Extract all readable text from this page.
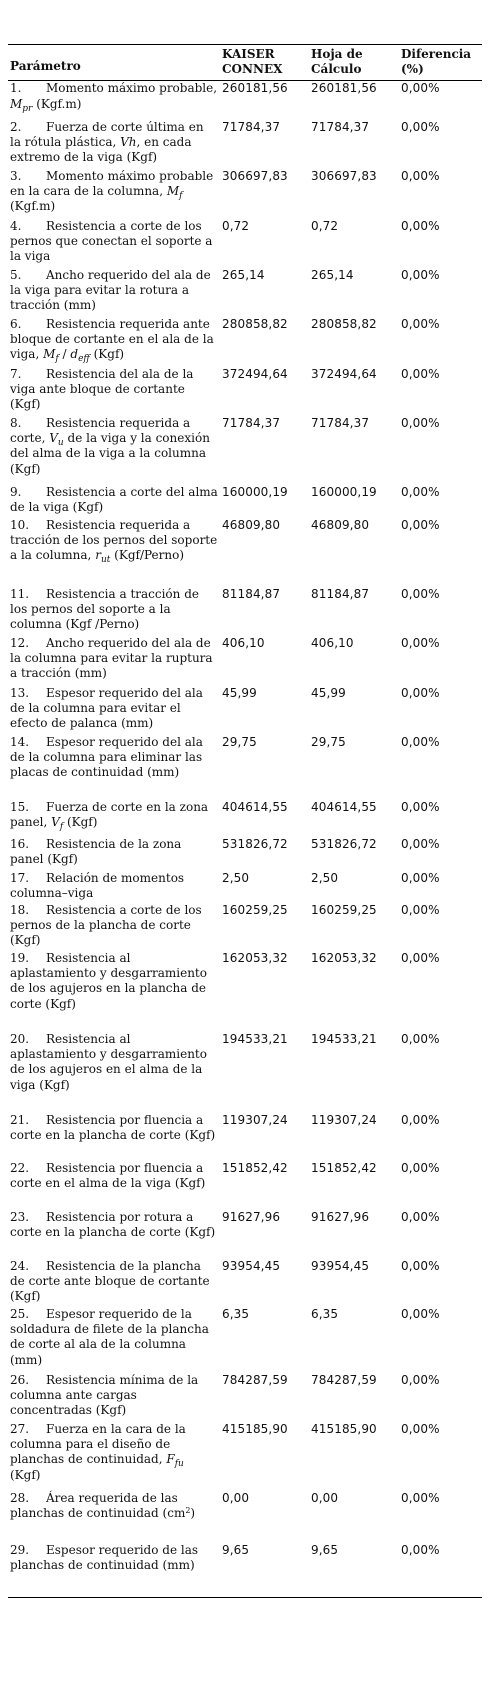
Parámetro	KAISER CONNEX	Hoja de Cálculo	Diferencia (%)
1. Momento máximo probable, $M_{pr}$ (Kgf.m)	260181,56	260181,56	0,00%
2. Fuerza de corte última en la rótula plástica, Vh, en cada extremo de la viga (Kgf)	71784,37	71784,37	0,00%
3. Momento máximo probable en la cara de la columna, $M_f$ (Kgf.m)	306697,83	306697,83	0,00%
4. Resistencia a corte de los pernos que conectan el soporte a la viga	0,72	0,72	0,00%
5. Ancho requerido del ala de la viga para evitar la rotura a tracción (mm)	265,14	265,14	0,00%
6. Resistencia requerida ante bloque de cortante en el ala de la viga, $M_f / d_{eff}$ (Kgf)	280858,82	280858,82	0,00%
7. Resistencia del ala de la viga ante bloque de cortante (Kgf)	372494,64	372494,64	0,00%
8. Resistencia requerida a corte, $V_u$ de la viga y la conexión del alma de la viga a la columna (Kgf)	71784,37	71784,37	0,00%
9. Resistencia a corte del alma de la viga (Kgf)	160000,19	160000,19	0,00%
10. Resistencia requerida a tracción de los pernos del soporte a la columna, $r_{ut}$ (Kgf/Perno)	46809,80	46809,80	0,00%
11. Resistencia a tracción de los pernos del soporte a la columna (Kgf /Perno)	81184,87	81184,87	0,00%
12. Ancho requerido del ala de la columna para evitar la ruptura a tracción (mm)	406,10	406,10	0,00%
13. Espesor requerido del ala de la columna para evitar el efecto de palanca (mm)	45,99	45,99	0,00%
14. Espesor requerido del ala de la columna para eliminar las placas de continuidad (mm)	29,75	29,75	0,00%
15. Fuerza de corte en la zona panel, $V_f$ (Kgf)	404614,55	404614,55	0,00%
16. Resistencia de la zona panel (Kgf)	531826,72	531826,72	0,00%
17. Relación de momentos columna–viga	2,50	2,50	0,00%
18. Resistencia a corte de los pernos de la plancha de corte (Kgf)	160259,25	160259,25	0,00%
19. Resistencia al aplastamiento y desgarramiento de los agujeros en la plancha de corte (Kgf)	162053,32	162053,32	0,00%
20. Resistencia al aplastamiento y desgarramiento de los agujeros en el alma de la viga (Kgf)	194533,21	194533,21	0,00%
21. Resistencia por fluencia a corte en la plancha de corte (Kgf)	119307,24	119307,24	0,00%
22. Resistencia por fluencia a corte en el alma de la viga (Kgf)	151852,42	151852,42	0,00%
23. Resistencia por rotura a corte en la plancha de corte (Kgf)	91627,96	91627,96	0,00%
24. Resistencia de la plancha de corte ante bloque de cortante (Kgf)	93954,45	93954,45	0,00%
25. Espesor requerido de la soldadura de filete de la plancha de corte al ala de la columna (mm)	6,35	6,35	0,00%
26. Resistencia mínima de la columna ante cargas concentradas (Kgf)	784287,59	784287,59	0,00%
27. Fuerza en la cara de la columna para el diseño de planchas de continuidad, $F_{fu}$ (Kgf)	415185,90	415185,90	0,00%
28. Área requerida de las planchas de continuidad $(cm^2)$	0,00	0,00	0,00%
29. Espesor requerido de las planchas de continuidad (mm)	9,65	9,65	0,00%
